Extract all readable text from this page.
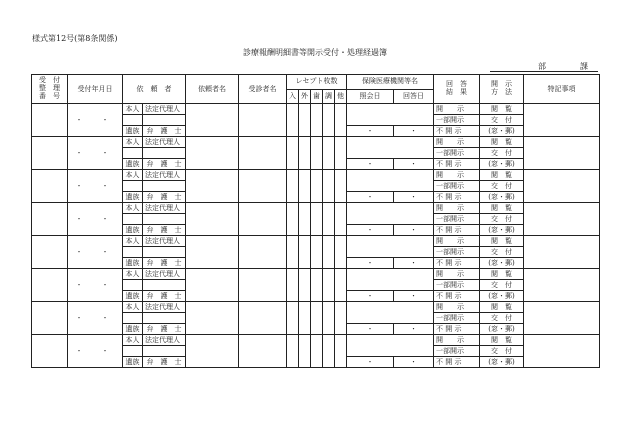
様式第12号(第8条関係)
診療報酬明細書等開示受付・処理経過簿
部	課
受　付
整　理
番　号	受付年月日	依　頼　者		依頼者名	受診者名	レセプト枚数					保険医療機関等名		回　答
結　果	開　示
方　法	特記事項
						入	外	歯	調	他	照会日	回答日			
	・　・	本人	法定代理人										開　　示	閲　覧	
													一部開示	交　付	
		遺族	弁　護　士								・	・	不 開 示	(窓・郵)	
	・　・	本人	法定代理人										開　　示	閲　覧	
													一部開示	交　付	
		遺族	弁　護　士								・	・	不 開 示	(窓・郵)	
	・　・	本人	法定代理人										開　　示	閲　覧	
													一部開示	交　付	
		遺族	弁　護　士								・	・	不 開 示	(窓・郵)	
	・　・	本人	法定代理人										開　　示	閲　覧	
													一部開示	交　付	
		遺族	弁　護　士								・	・	不 開 示	(窓・郵)	
	・　・	本人	法定代理人										開　　示	閲　覧	
													一部開示	交　付	
		遺族	弁　護　士								・	・	不 開 示	(窓・郵)	
	・　・	本人	法定代理人										開　　示	閲　覧	
													一部開示	交　付	
		遺族	弁　護　士								・	・	不 開 示	(窓・郵)	
	・　・	本人	法定代理人										開　　示	閲　覧	
													一部開示	交　付	
		遺族	弁　護　士								・	・	不 開 示	(窓・郵)	
	・　・	本人	法定代理人										開　　示	閲　覧	
													一部開示	交　付	
		遺族	弁　護　士								・	・	不 開 示	(窓・郵)	
